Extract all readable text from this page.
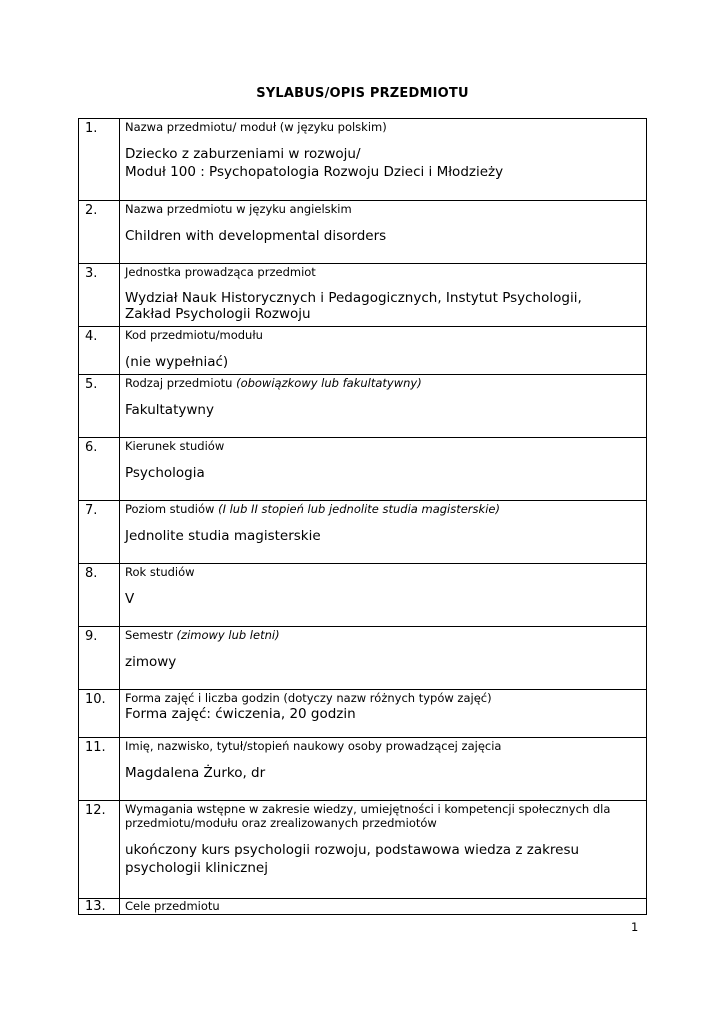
SYLABUS/OPIS PRZEDMIOTU
1.	Nazwa przedmiotu/ moduł (w języku polskim)
Dziecko z zaburzeniami w rozwoju/
Moduł 100 : Psychopatologia Rozwoju Dzieci i Młodzieży

2.	Nazwa przedmiotu w języku angielskim
Children with developmental disorders

3.	Jednostka prowadząca przedmiot
Wydział Nauk Historycznych i Pedagogicznych, Instytut Psychologii,
Zakład Psychologii Rozwoju

4.	Kod przedmiotu/modułu
(nie wypełniać)

5.	Rodzaj przedmiotu (obowiązkowy lub fakultatywny)
Fakultatywny

6.	Kierunek studiów
Psychologia

7.	Poziom studiów (I lub II stopień lub jednolite studia magisterskie)
Jednolite studia magisterskie

8.	Rok studiów
V

9.	Semestr (zimowy lub letni)
zimowy

10.	Forma zajęć i liczba godzin (dotyczy nazw różnych typów zajęć)
Forma zajęć: ćwiczenia, 20 godzin

11.	Imię, nazwisko, tytuł/stopień naukowy osoby prowadzącej zajęcia
Magdalena Żurko, dr

12.	Wymagania wstępne w zakresie wiedzy, umiejętności i kompetencji społecznych dla przedmiotu/modułu oraz zrealizowanych przedmiotów
ukończony kurs psychologii rozwoju, podstawowa wiedza z zakresu
psychologii klinicznej

13.	Cele przedmiotu
1
